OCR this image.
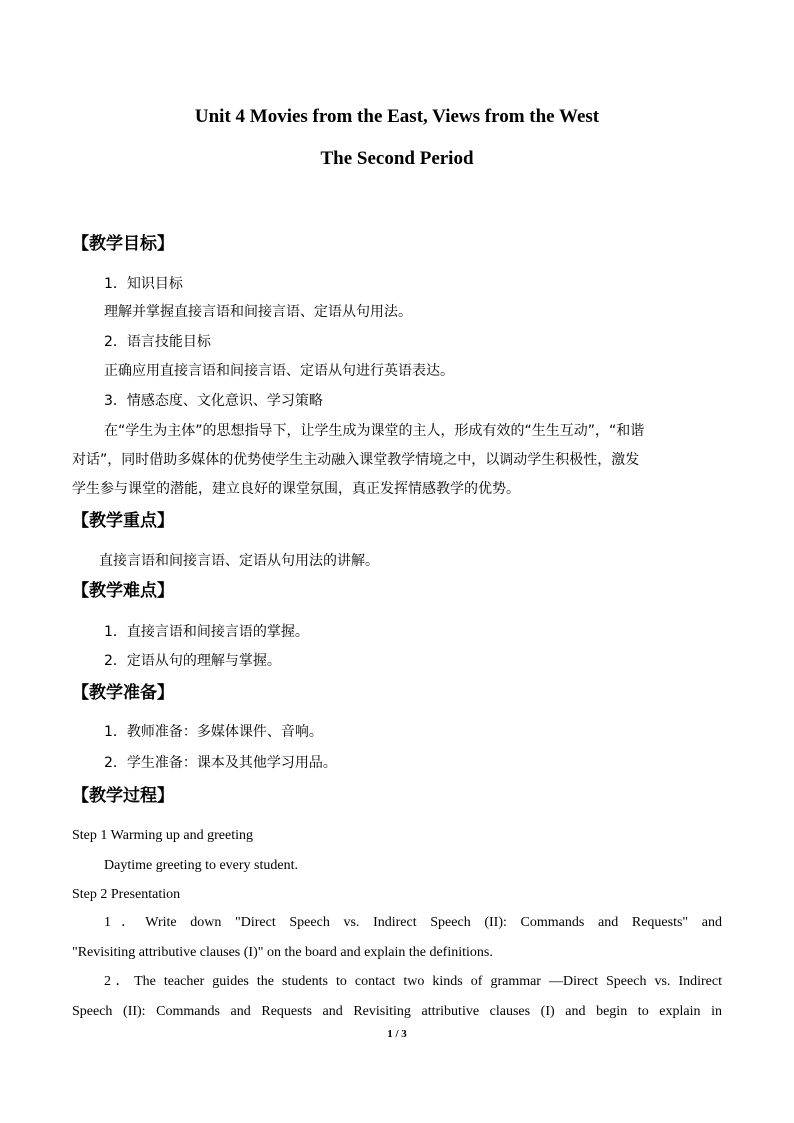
Unit 4 Movies from the East, Views from the West
The Second Period
【教学目标】
1．知识目标
理解并掌握直接言语和间接言语、定语从句用法。
2．语言技能目标
正确应用直接言语和间接言语、定语从句进行英语表达。
3．情感态度、文化意识、学习策略
在“学生为主体”的思想指导下，让学生成为课堂的主人，形成有效的“生生互动”，“和谐
对话”，同时借助多媒体的优势使学生主动融入课堂教学情境之中，以调动学生积极性，激发
学生参与课堂的潜能，建立良好的课堂氛围，真正发挥情感教学的优势。
【教学重点】
直接言语和间接言语、定语从句用法的讲解。
【教学难点】
1．直接言语和间接言语的掌握。
2．定语从句的理解与掌握。
【教学准备】
1．教师准备：多媒体课件、音响。
2．学生准备：课本及其他学习用品。
【教学过程】
Step 1 Warming up and greeting
Daytime greeting to every student.
Step 2 Presentation
1．Write down "Direct Speech vs. Indirect Speech (II): Commands and Requests" and
"Revisiting attributive clauses (I)" on the board and explain the definitions.
2．The teacher guides the students to contact two kinds of grammar —Direct Speech vs. Indirect
Speech (II): Commands and Requests and Revisiting attributive clauses (I) and begin to explain in
1 / 3
